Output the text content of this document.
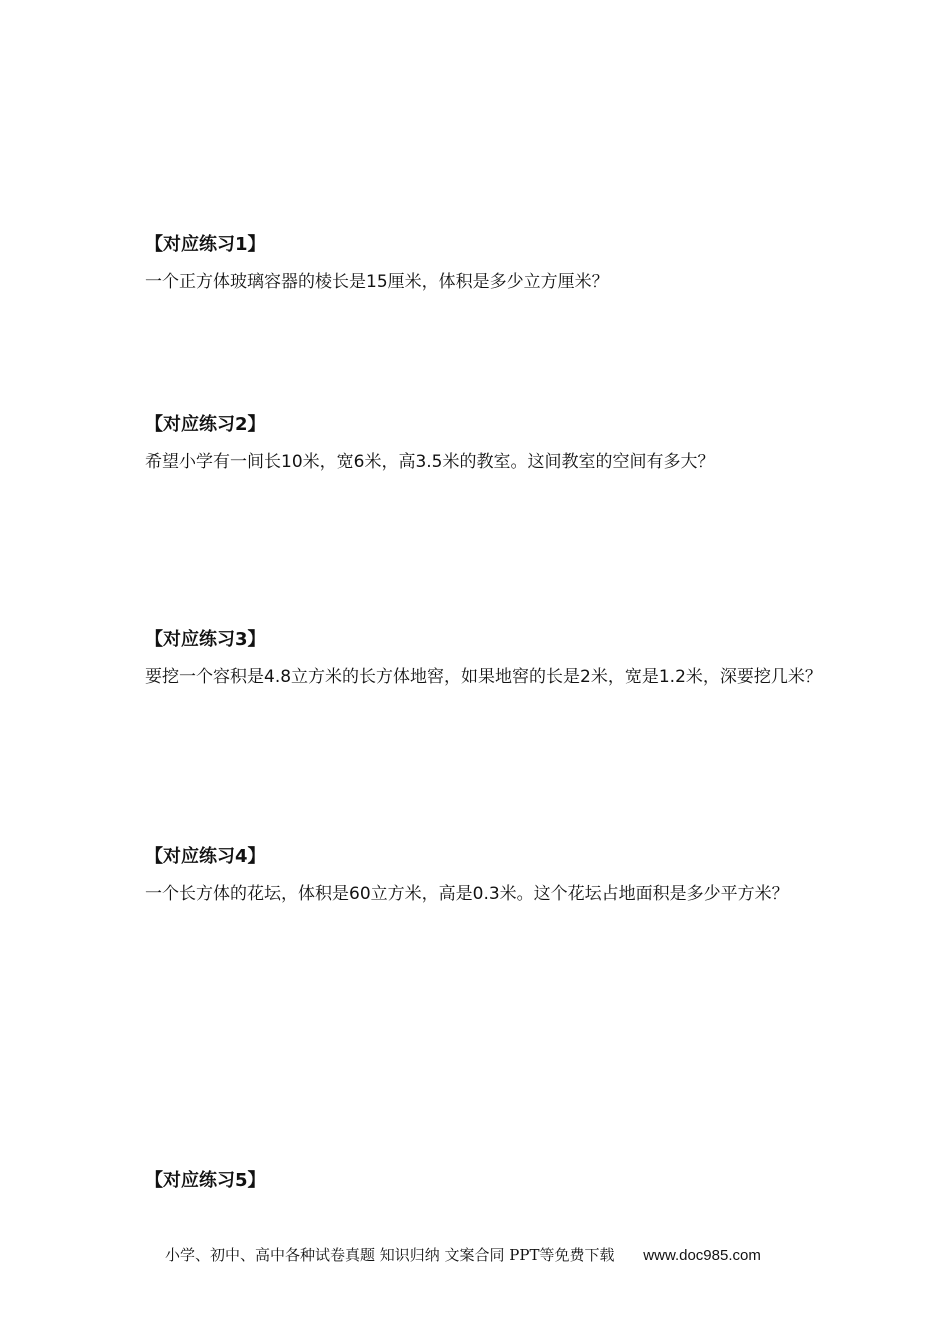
【对应练习1】

一个正方体玻璃容器的棱长是15厘米，体积是多少立方厘米？

【对应练习2】

希望小学有一间长10米，宽6米，高3.5米的教室。这间教室的空间有多大？

【对应练习3】

要挖一个容积是4.8立方米的长方体地窖，如果地窖的长是2米，宽是1.2米，深要挖几米？

【对应练习4】

一个长方体的花坛，体积是60立方米，高是0.3米。这个花坛占地面积是多少平方米？

【对应练习5】

小学、初中、高中各种试卷真题 知识归纳 文案合同 PPT等免费下载 www.doc985.com
